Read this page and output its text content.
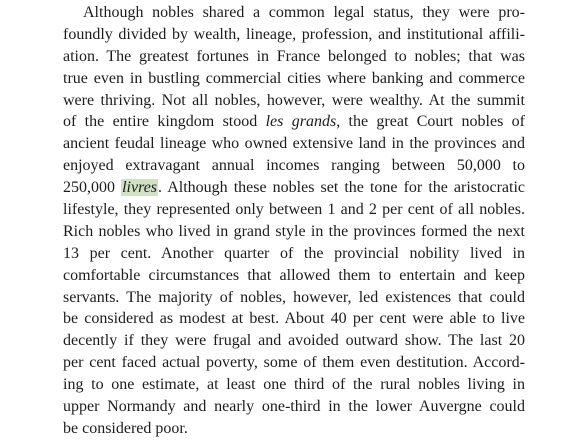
Although nobles shared a common legal status, they were pro-
foundly divided by wealth, lineage, profession, and institutional affili-
ation. The greatest fortunes in France belonged to nobles; that was
true even in bustling commercial cities where banking and commerce
were thriving. Not all nobles, however, were wealthy. At the summit
of the entire kingdom stood les grands, the great Court nobles of
ancient feudal lineage who owned extensive land in the provinces and
enjoyed extravagant annual incomes ranging between 50,000 to
250,000 livres. Although these nobles set the tone for the aristocratic
lifestyle, they represented only between 1 and 2 per cent of all nobles.
Rich nobles who lived in grand style in the provinces formed the next
13 per cent. Another quarter of the provincial nobility lived in
comfortable circumstances that allowed them to entertain and keep
servants. The majority of nobles, however, led existences that could
be considered as modest at best. About 40 per cent were able to live
decently if they were frugal and avoided outward show. The last 20
per cent faced actual poverty, some of them even destitution. Accord-
ing to one estimate, at least one third of the rural nobles living in
upper Normandy and nearly one-third in the lower Auvergne could
be considered poor.
